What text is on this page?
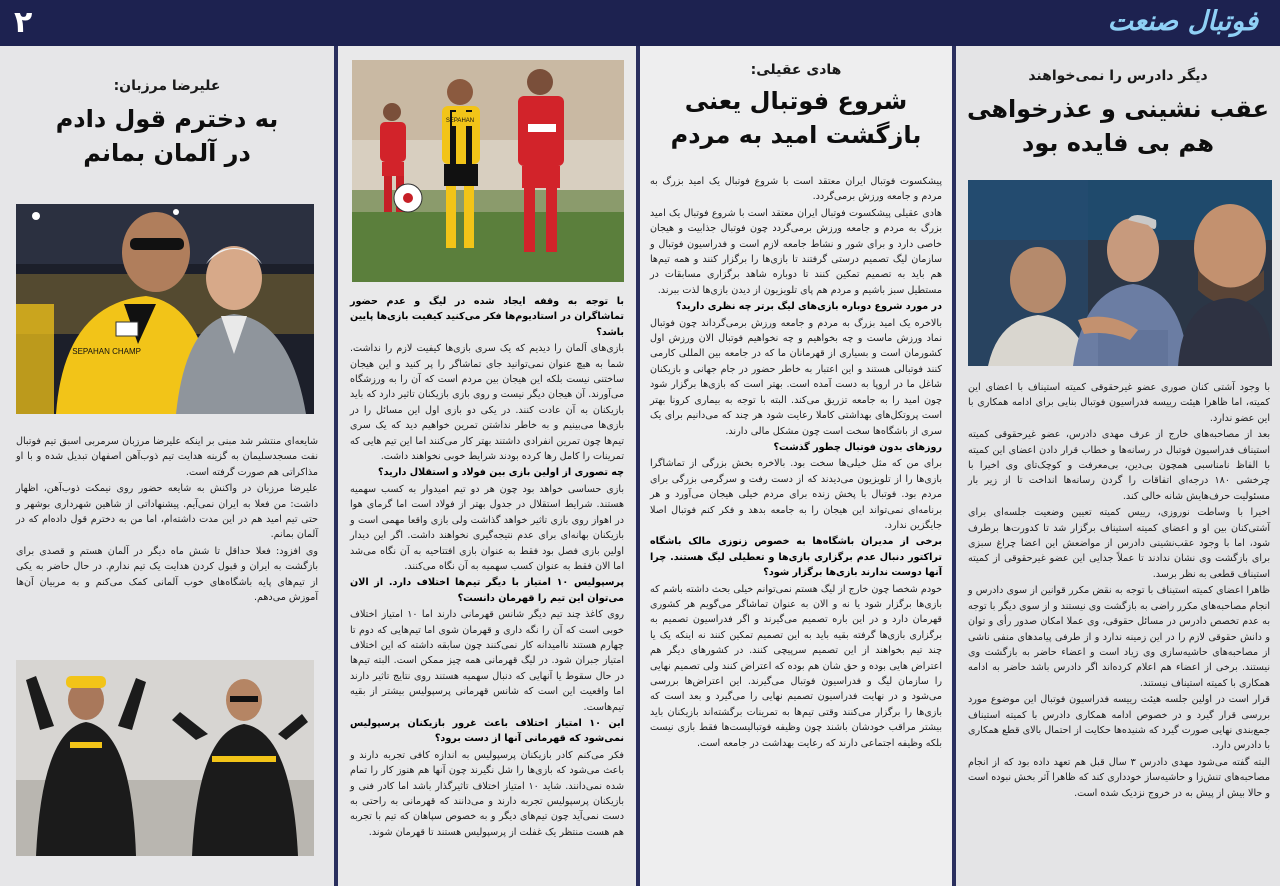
۲	فوتبال صنعت
دیگر دادرس را نمی‌خواهند
عقب نشینی و عذرخواهی
هم بی فایده بود

با وجود آشتی کنان صوری عضو غیرحقوقی کمیته استیناف با اعضای این کمیته، اما ظاهرا هیئت رییسه فدراسیون فوتبال بنایی برای ادامه همکاری با این عضو ندارد.

بعد از مصاحبه‌های خارج از عرف مهدی دادرس، عضو غیرحقوقی کمیته استیناف فدراسیون فوتبال در رسانه‌ها و خطاب قرار دادن اعضای این کمیته با الفاظ نامناسبی همچون بی‌دین، بی‌معرفت و کوچک‌تای وی اخیرا با چرخشی ۱۸۰ درجه‌ای اتفاقات را گردن رسانه‌ها انداخت تا از زیر بار مسئولیت حرف‌هایش شانه خالی کند.

اخیرا با وساطت نوروزی، رییس کمیته تعیین وضعیت جلسه‌ای برای آشتی‌کنان بین او و اعضای کمیته استیناف برگزار شد تا کدورت‌ها برطرف شود، اما با وجود عقب‌نشینی دادرس از مواضعش این اعضا چراغ سبزی برای بازگشت وی نشان ندادند تا عملاً جدایی این عضو غیرحقوقی از کمیته استیناف قطعی به نظر برسد.

ظاهرا اعضای کمیته استیناف با توجه به نقض مکرر قوانین از سوی دادرس و انجام مصاحبه‌های مکرر راضی به بازگشت وی نیستند و از سوی دیگر با توجه به عدم تخصص دادرس در مسائل حقوقی، وی عملا امکان صدور رأی و توان و دانش حقوقی لازم را در این زمینه ندارد و از طرفی پیامدهای منفی ناشی از مصاحبه‌های حاشیه‌سازی وی زیاد است و اعضاء حاضر به بازگشت وی نیستند. برخی از اعضاء هم اعلام کرده‌اند اگر دادرس باشد حاضر به ادامه همکاری با کمیته استیناف نیستند.

قرار است در اولین جلسه هیئت رییسه فدراسیون فوتبال این موضوع مورد بررسی قرار گیرد و در خصوص ادامه همکاری دادرس با کمیته استیناف جمع‌بندی نهایی صورت گیرد که شنیده‌ها حکایت از احتمال بالای قطع همکاری با دادرس دارد.

البته گفته می‌شود مهدی دادرس ۳ سال قبل هم تعهد داده بود که از انجام مصاحبه‌های تنش‌زا و حاشیه‌ساز خودداری کند که ظاهرا آثر بخش نبوده است و حالا بیش از پیش به در خروج نزدیک شده است.

هادی عقیلی:
شروع فوتبال یعنی
بازگشت امید به مردم

پیشکسوت فوتبال ایران معتقد است با شروع فوتبال یک امید بزرگ به مردم و جامعه ورزش برمی‌گردد.

هادی عقیلی پیشکسوت فوتبال ایران معتقد است با شروع فوتبال یک امید بزرگ به مردم و جامعه ورزش برمی‌گردد چون فوتبال جذابیت و هیجان خاصی دارد و برای شور و نشاط جامعه لازم است و فدراسیون فوتبال و سازمان لیگ تصمیم درستی گرفتند تا بازی‌ها را برگزار کنند و همه تیم‌ها هم باید به تصمیم تمکین کنند تا دوباره شاهد برگزاری مسابقات در مستطیل سبز باشیم و مردم هم پای تلویزیون از دیدن بازی‌ها لذت ببرند.

در مورد شروع دوباره بازی‌های لیگ برتر چه نظری دارید؟

بالاخره یک امید بزرگ به مردم و جامعه ورزش برمی‌گرداند چون فوتبال نماد ورزش ماست و چه بخواهیم و چه نخواهیم فوتبال الان ورزش اول کشورمان است و بسیاری از قهرمانان ما که در جامعه بین المللی کارمی کنند فوتبالی هستند و این اعتبار به خاطر حضور در جام جهانی و بازیکنان شاغل ما در اروپا به دست آمده است. بهتر است که بازی‌ها برگزار شود چون امید را به جامعه تزریق می‌کند. البته با توجه به بیماری کرونا بهتر است پروتکل‌های بهداشتی کاملا رعایت شود هر چند که می‌دانیم برای یک سری از باشگاه‌ها سخت است چون مشکل مالی دارند.

روزهای بدون فوتبال چطور گذشت؟

برای من که مثل خیلی‌ها سخت بود. بالاخره بخش بزرگی از تماشاگرا بازی‌ها را از تلویزیون می‌دیدند که از دست رفت و سرگرمی بزرگی برای مردم بود. فوتبال با پخش زنده برای مردم خیلی هیجان می‌آورد و هر برنامه‌ای نمی‌تواند این هیجان را به جامعه بدهد و فکر کنم فوتبال اصلا جایگزین ندارد.

برخی از مدیران باشگاه‌ها به خصوص زنوزی مالک باشگاه تراکتور دنبال عدم برگزاری بازی‌ها و تعطیلی لیگ هستند. چرا آنها دوست ندارند بازی‌ها برگزار شود؟

خودم شخصا چون خارج از لیگ هستم نمی‌توانم خیلی بحث داشته باشم که بازی‌ها برگزار شود یا نه و الان به عنوان تماشاگر می‌گویم هر کشوری قهرمان دارد و در این باره تصمیم می‌گیرند و اگر فدراسیون تصمیم به برگزاری بازی‌ها گرفته بقیه باید به این تصمیم تمکین کنند نه اینکه یک یا چند تیم بخواهند از این تصمیم سرپیچی کنند. در کشورهای دیگر هم اعتراض هایی بوده و حق شان هم بوده که اعتراض کنند ولی تصمیم نهایی را سازمان لیگ و فدراسیون فوتبال می‌گیرند. این اعتراض‌ها بررسی می‌شود و در نهایت فدراسیون تصمیم نهایی را می‌گیرد و بعد است که بازی‌ها را برگزار می‌کنند وقتی تیم‌ها به تمرینات برگشته‌اند بازیکنان باید بیشتر مراقب خودشان باشند چون وظیفه فوتبالیست‌ها فقط بازی نیست بلکه وظیفه اجتماعی دارند که رعایت بهداشت در جامعه است.

SEPAHAN

با توجه به وقفه ایجاد شده در لیگ و عدم حضور تماشاگران در استادیوم‌ها فکر می‌کنید کیفیت بازی‌ها پایین باشد؟

بازی‌های آلمان را دیدیم که یک سری بازی‌ها کیفیت لازم را نداشت. شما به هیچ عنوان نمی‌توانید جای تماشاگر را پر کنید و این هیجان ساختنی نیست بلکه این هیجان بین مردم است که آن را به ورزشگاه می‌آورند. آن هیجان دیگر نیست و روی بازی بازیکنان تاثیر دارد که باید بازیکنان به آن عادت کنند. در یکی دو بازی اول این مسائل را در بازی‌ها می‌بینیم و به خاطر نداشتن تمرین خواهیم دید که یک سری تیم‌ها چون تمرین انفرادی داشتند بهتر کار می‌کنند اما این تیم هایی که تمرینات را کامل رها کرده بودند شرایط خوبی نخواهند داشت.

چه تصوری از اولین بازی بین فولاد و استقلال دارید؟

بازی حساسی خواهد بود چون هر دو تیم امیدوار به کسب سهمیه هستند. شرایط استقلال در جدول بهتر از فولاد است اما گرمای هوا در اهواز روی بازی تاثیر خواهد گذاشت ولی بازی واقعا مهمی است و بازیکنان بهانه‌ای برای عدم نتیجه‌گیری نخواهند داشت. اگر این دیدار اولین بازی فصل بود فقط به عنوان بازی افتتاحیه به آن نگاه می‌شد اما الان فقط به عنوان کسب سهمیه به آن نگاه می‌کنند.

پرسپولیس ۱۰ امتیاز با دیگر تیم‌ها اختلاف دارد. از الان می‌توان این تیم را قهرمان دانست؟

روی کاغذ چند تیم دیگر شانس قهرمانی دارند اما ۱۰ امتیاز اختلاف خوبی است که آن را نگه داری و قهرمان شوی اما تیم‌هایی که دوم تا چهارم هستند ناامیدانه کار نمی‌کنند چون سابقه داشته که این اختلاف امتیاز جبران شود. در لیگ قهرمانی همه چیز ممکن است. البته تیم‌ها در حال سقوط یا آنهایی که دنبال سهمیه هستند روی نتایج تاثیر دارند اما واقعیت این است که شانس قهرمانی پرسپولیس بیشتر از بقیه تیم‌هاست.

این ۱۰ امتیاز اختلاف باعث غرور بازیکنان پرسپولیس نمی‌شود که قهرمانی آنها از دست برود؟

فکر می‌کنم کادر بازیکنان پرسپولیس به اندازه کافی تجربه دارند و باعث می‌شود که بازی‌ها را شل نگیرند چون آنها هم هنوز کار را تمام شده نمی‌دانند. شاید ۱۰ امتیاز اختلاف تاثیرگذار باشد اما کادر فنی و بازیکنان پرسپولیس تجربه دارند و می‌دانند که قهرمانی به راحتی به دست نمی‌آید چون تیم‌های دیگر و به خصوص سپاهان که تیم با تجربه هم هست منتظر یک غفلت از پرسپولیس هستند تا قهرمان شوند.

علیرضا مرزبان:
به دخترم قول دادم
در آلمان بمانم
SEPAHAN CHAMP

شایعه‌ای منتشر شد مبنی بر اینکه علیرضا مرزبان سرمربی اسبق تیم فوتبال نفت مسجدسلیمان به گزینه هدایت تیم ذوب‌آهن اصفهان تبدیل شده و با او مذاکراتی هم صورت گرفته است.

علیرضا مرزبان در واکنش به شایعه حضور روی نیمکت ذوب‌آهن، اظهار داشت: من فعلا به ایران نمی‌آیم. پیشنهاداتی از شاهین شهرداری بوشهر و حتی تیم امید هم در این مدت داشته‌ام، اما من به دخترم قول داده‌ام که در آلمان بمانم.

وی افزود: فعلا حداقل تا شش ماه دیگر در آلمان هستم و قصدی برای بازگشت به ایران و قبول کردن هدایت یک تیم ندارم. در حال حاضر به یکی از تیم‌های پایه باشگاه‌های خوب آلمانی کمک می‌کنم و به مربیان آن‌ها آموزش می‌دهم.
